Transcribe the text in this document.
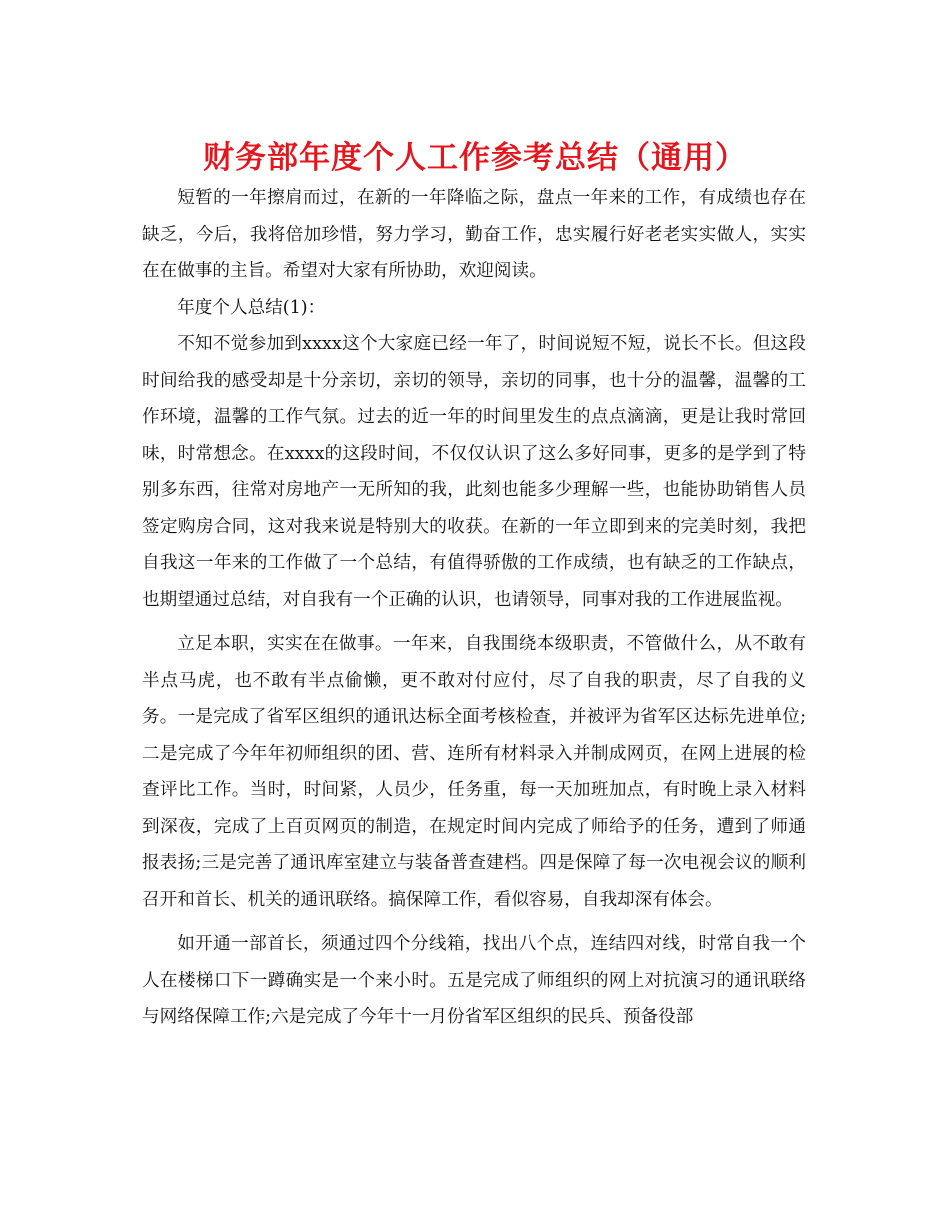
财务部年度个人工作参考总结（通用）

短暂的一年擦肩而过，在新的一年降临之际，盘点一年来的工作，有成绩也存在缺乏，今后，我将倍加珍惜，努力学习，勤奋工作，忠实履行好老老实实做人，实实在在做事的主旨。希望对大家有所协助，欢迎阅读。

年度个人总结(1)：

不知不觉参加到xxxx这个大家庭已经一年了，时间说短不短，说长不长。但这段时间给我的感受却是十分亲切，亲切的领导，亲切的同事，也十分的温馨，温馨的工作环境，温馨的工作气氛。过去的近一年的时间里发生的点点滴滴，更是让我时常回味，时常想念。在xxxx的这段时间，不仅仅认识了这么多好同事，更多的是学到了特别多东西，往常对房地产一无所知的我，此刻也能多少理解一些，也能协助销售人员签定购房合同，这对我来说是特别大的收获。在新的一年立即到来的完美时刻，我把自我这一年来的工作做了一个总结，有值得骄傲的工作成绩，也有缺乏的工作缺点，也期望通过总结，对自我有一个正确的认识，也请领导，同事对我的工作进展监视。

立足本职，实实在在做事。一年来，自我围绕本级职责，不管做什么，从不敢有半点马虎，也不敢有半点偷懒，更不敢对付应付，尽了自我的职责，尽了自我的义务。一是完成了省军区组织的通讯达标全面考核检查，并被评为省军区达标先进单位;二是完成了今年年初师组织的团、营、连所有材料录入并制成网页，在网上进展的检查评比工作。当时，时间紧，人员少，任务重，每一天加班加点，有时晚上录入材料到深夜，完成了上百页网页的制造，在规定时间内完成了师给予的任务，遭到了师通报表扬;三是完善了通讯库室建立与装备普查建档。四是保障了每一次电视会议的顺利召开和首长、机关的通讯联络。搞保障工作，看似容易，自我却深有体会。

如开通一部首长，须通过四个分线箱，找出八个点，连结四对线，时常自我一个人在楼梯口下一蹲确实是一个来小时。五是完成了师组织的网上对抗演习的通讯联络与网络保障工作;六是完成了今年十一月份省军区组织的民兵、预备役部
